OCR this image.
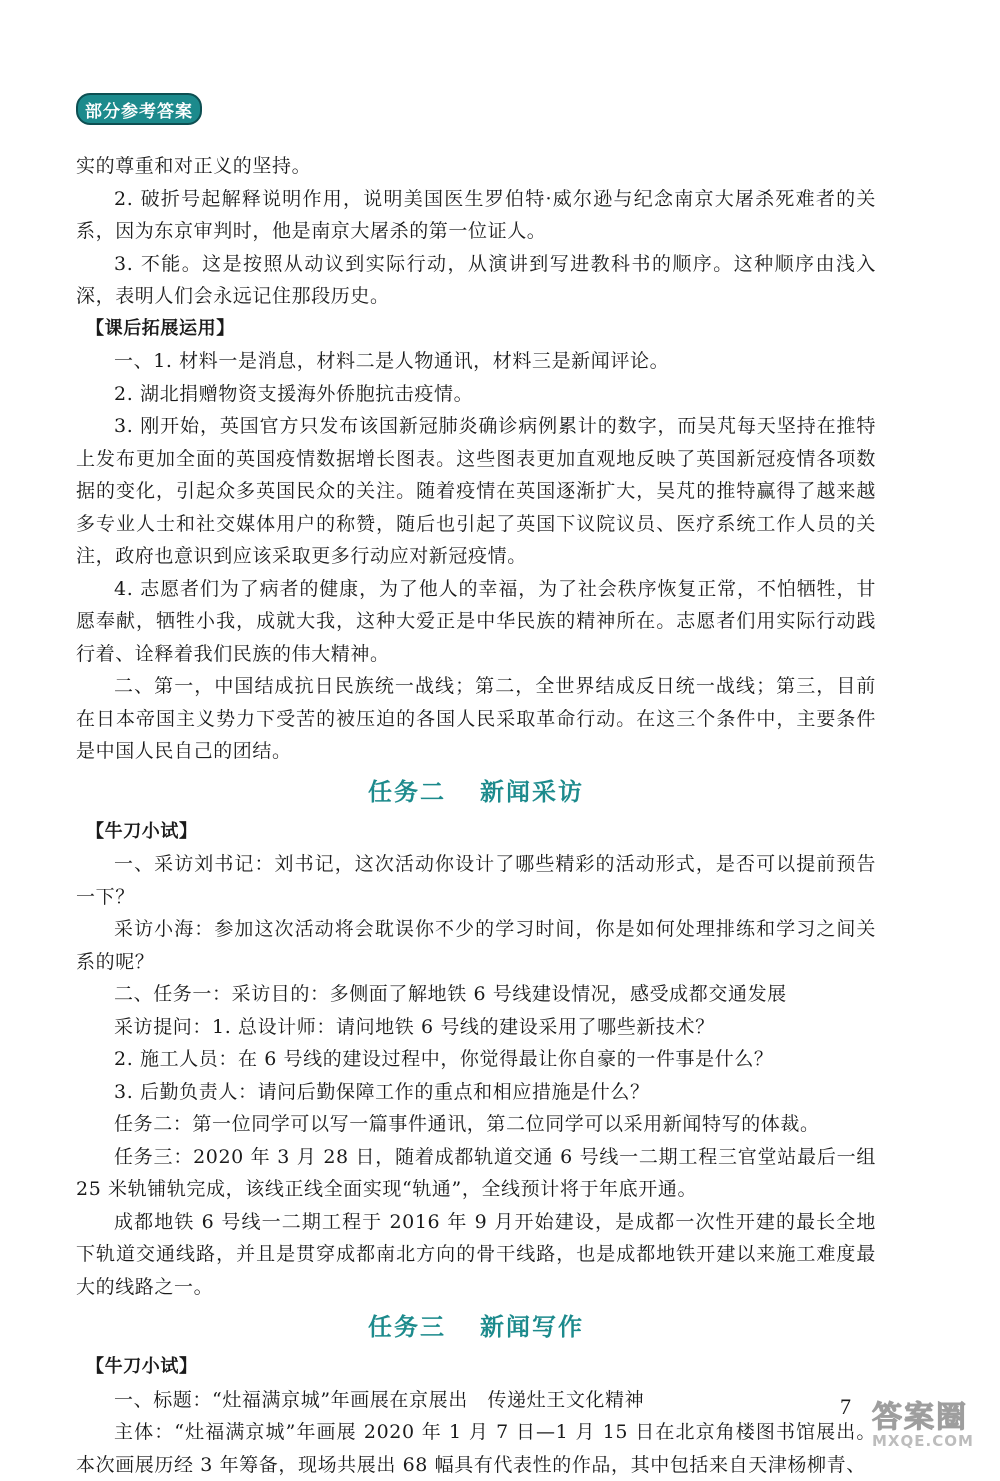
部分参考答案

实的尊重和对正义的坚持。

2. 破折号起解释说明作用，说明美国医生罗伯特·威尔逊与纪念南京大屠杀死难者的关系，因为东京审判时，他是南京大屠杀的第一位证人。

3. 不能。这是按照从动议到实际行动，从演讲到写进教科书的顺序。这种顺序由浅入深，表明人们会永远记住那段历史。

【课后拓展运用】

一、1. 材料一是消息，材料二是人物通讯，材料三是新闻评论。

2. 湖北捐赠物资支援海外侨胞抗击疫情。

3. 刚开始，英国官方只发布该国新冠肺炎确诊病例累计的数字，而吴芃每天坚持在推特上发布更加全面的英国疫情数据增长图表。这些图表更加直观地反映了英国新冠疫情各项数据的变化，引起众多英国民众的关注。随着疫情在英国逐渐扩大，吴芃的推特赢得了越来越多专业人士和社交媒体用户的称赞，随后也引起了英国下议院议员、医疗系统工作人员的关注，政府也意识到应该采取更多行动应对新冠疫情。

4. 志愿者们为了病者的健康，为了他人的幸福，为了社会秩序恢复正常，不怕牺牲，甘愿奉献，牺牲小我，成就大我，这种大爱正是中华民族的精神所在。志愿者们用实际行动践行着、诠释着我们民族的伟大精神。

二、第一，中国结成抗日民族统一战线；第二，全世界结成反日统一战线；第三，目前在日本帝国主义势力下受苦的被压迫的各国人民采取革命行动。在这三个条件中，主要条件是中国人民自己的团结。

任务二 新闻采访

【牛刀小试】

一、采访刘书记：刘书记，这次活动你设计了哪些精彩的活动形式，是否可以提前预告一下？

采访小海：参加这次活动将会耽误你不少的学习时间，你是如何处理排练和学习之间关系的呢？

二、任务一：采访目的：多侧面了解地铁 6 号线建设情况，感受成都交通发展

采访提问：1. 总设计师：请问地铁 6 号线的建设采用了哪些新技术？

2. 施工人员：在 6 号线的建设过程中，你觉得最让你自豪的一件事是什么？

3. 后勤负责人：请问后勤保障工作的重点和相应措施是什么？

任务二：第一位同学可以写一篇事件通讯，第二位同学可以采用新闻特写的体裁。

任务三：2020 年 3 月 28 日，随着成都轨道交通 6 号线一二期工程三官堂站最后一组 25 米轨铺轨完成，该线正线全面实现“轨通”，全线预计将于年底开通。

成都地铁 6 号线一二期工程于 2016 年 9 月开始建设，是成都一次性开建的最长全地下轨道交通线路，并且是贯穿成都南北方向的骨干线路，也是成都地铁开建以来施工难度最大的线路之一。

任务三 新闻写作

【牛刀小试】

一、标题：“灶福满京城”年画展在京展出　传递灶王文化精神

主体：“灶福满京城”年画展 2020 年 1 月 7 日—1 月 15 日在北京角楼图书馆展出。本次画展历经 3 年筹备，现场共展出 68 幅具有代表性的作品，其中包括来自天津杨柳青、

7 答案圈
MXQE.COM
